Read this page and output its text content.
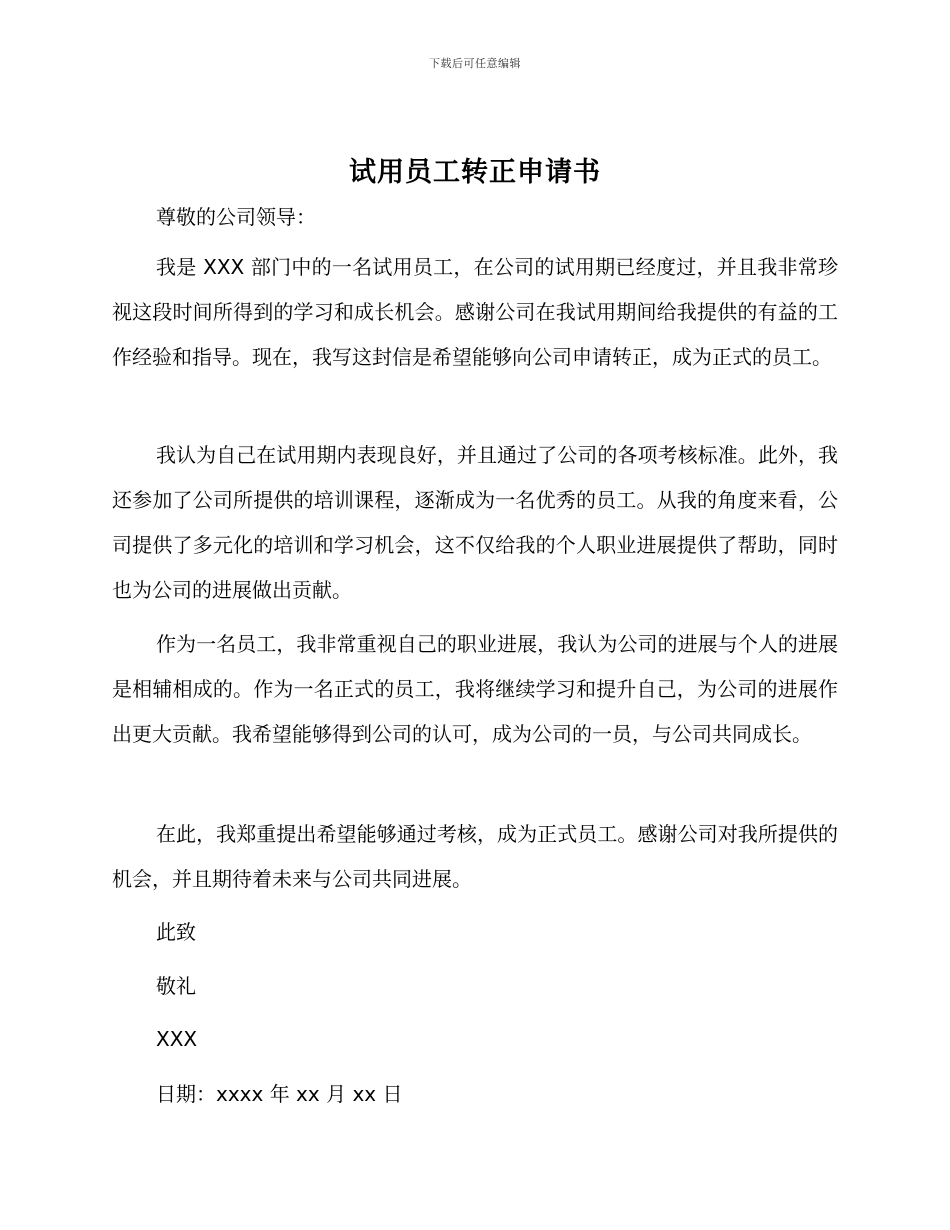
下载后可任意编辑
试用员工转正申请书
尊敬的公司领导：
我是 XXX 部门中的一名试用员工，在公司的试用期已经度过，并且我非常珍视这段时间所得到的学习和成长机会。感谢公司在我试用期间给我提供的有益的工作经验和指导。现在，我写这封信是希望能够向公司申请转正，成为正式的员工。
我认为自己在试用期内表现良好，并且通过了公司的各项考核标准。此外，我还参加了公司所提供的培训课程，逐渐成为一名优秀的员工。从我的角度来看，公司提供了多元化的培训和学习机会，这不仅给我的个人职业进展提供了帮助，同时也为公司的进展做出贡献。
作为一名员工，我非常重视自己的职业进展，我认为公司的进展与个人的进展是相辅相成的。作为一名正式的员工，我将继续学习和提升自己，为公司的进展作出更大贡献。我希望能够得到公司的认可，成为公司的一员，与公司共同成长。
在此，我郑重提出希望能够通过考核，成为正式员工。感谢公司对我所提供的机会，并且期待着未来与公司共同进展。
此致
敬礼
XXX
日期：xxxx 年 xx 月 xx 日
